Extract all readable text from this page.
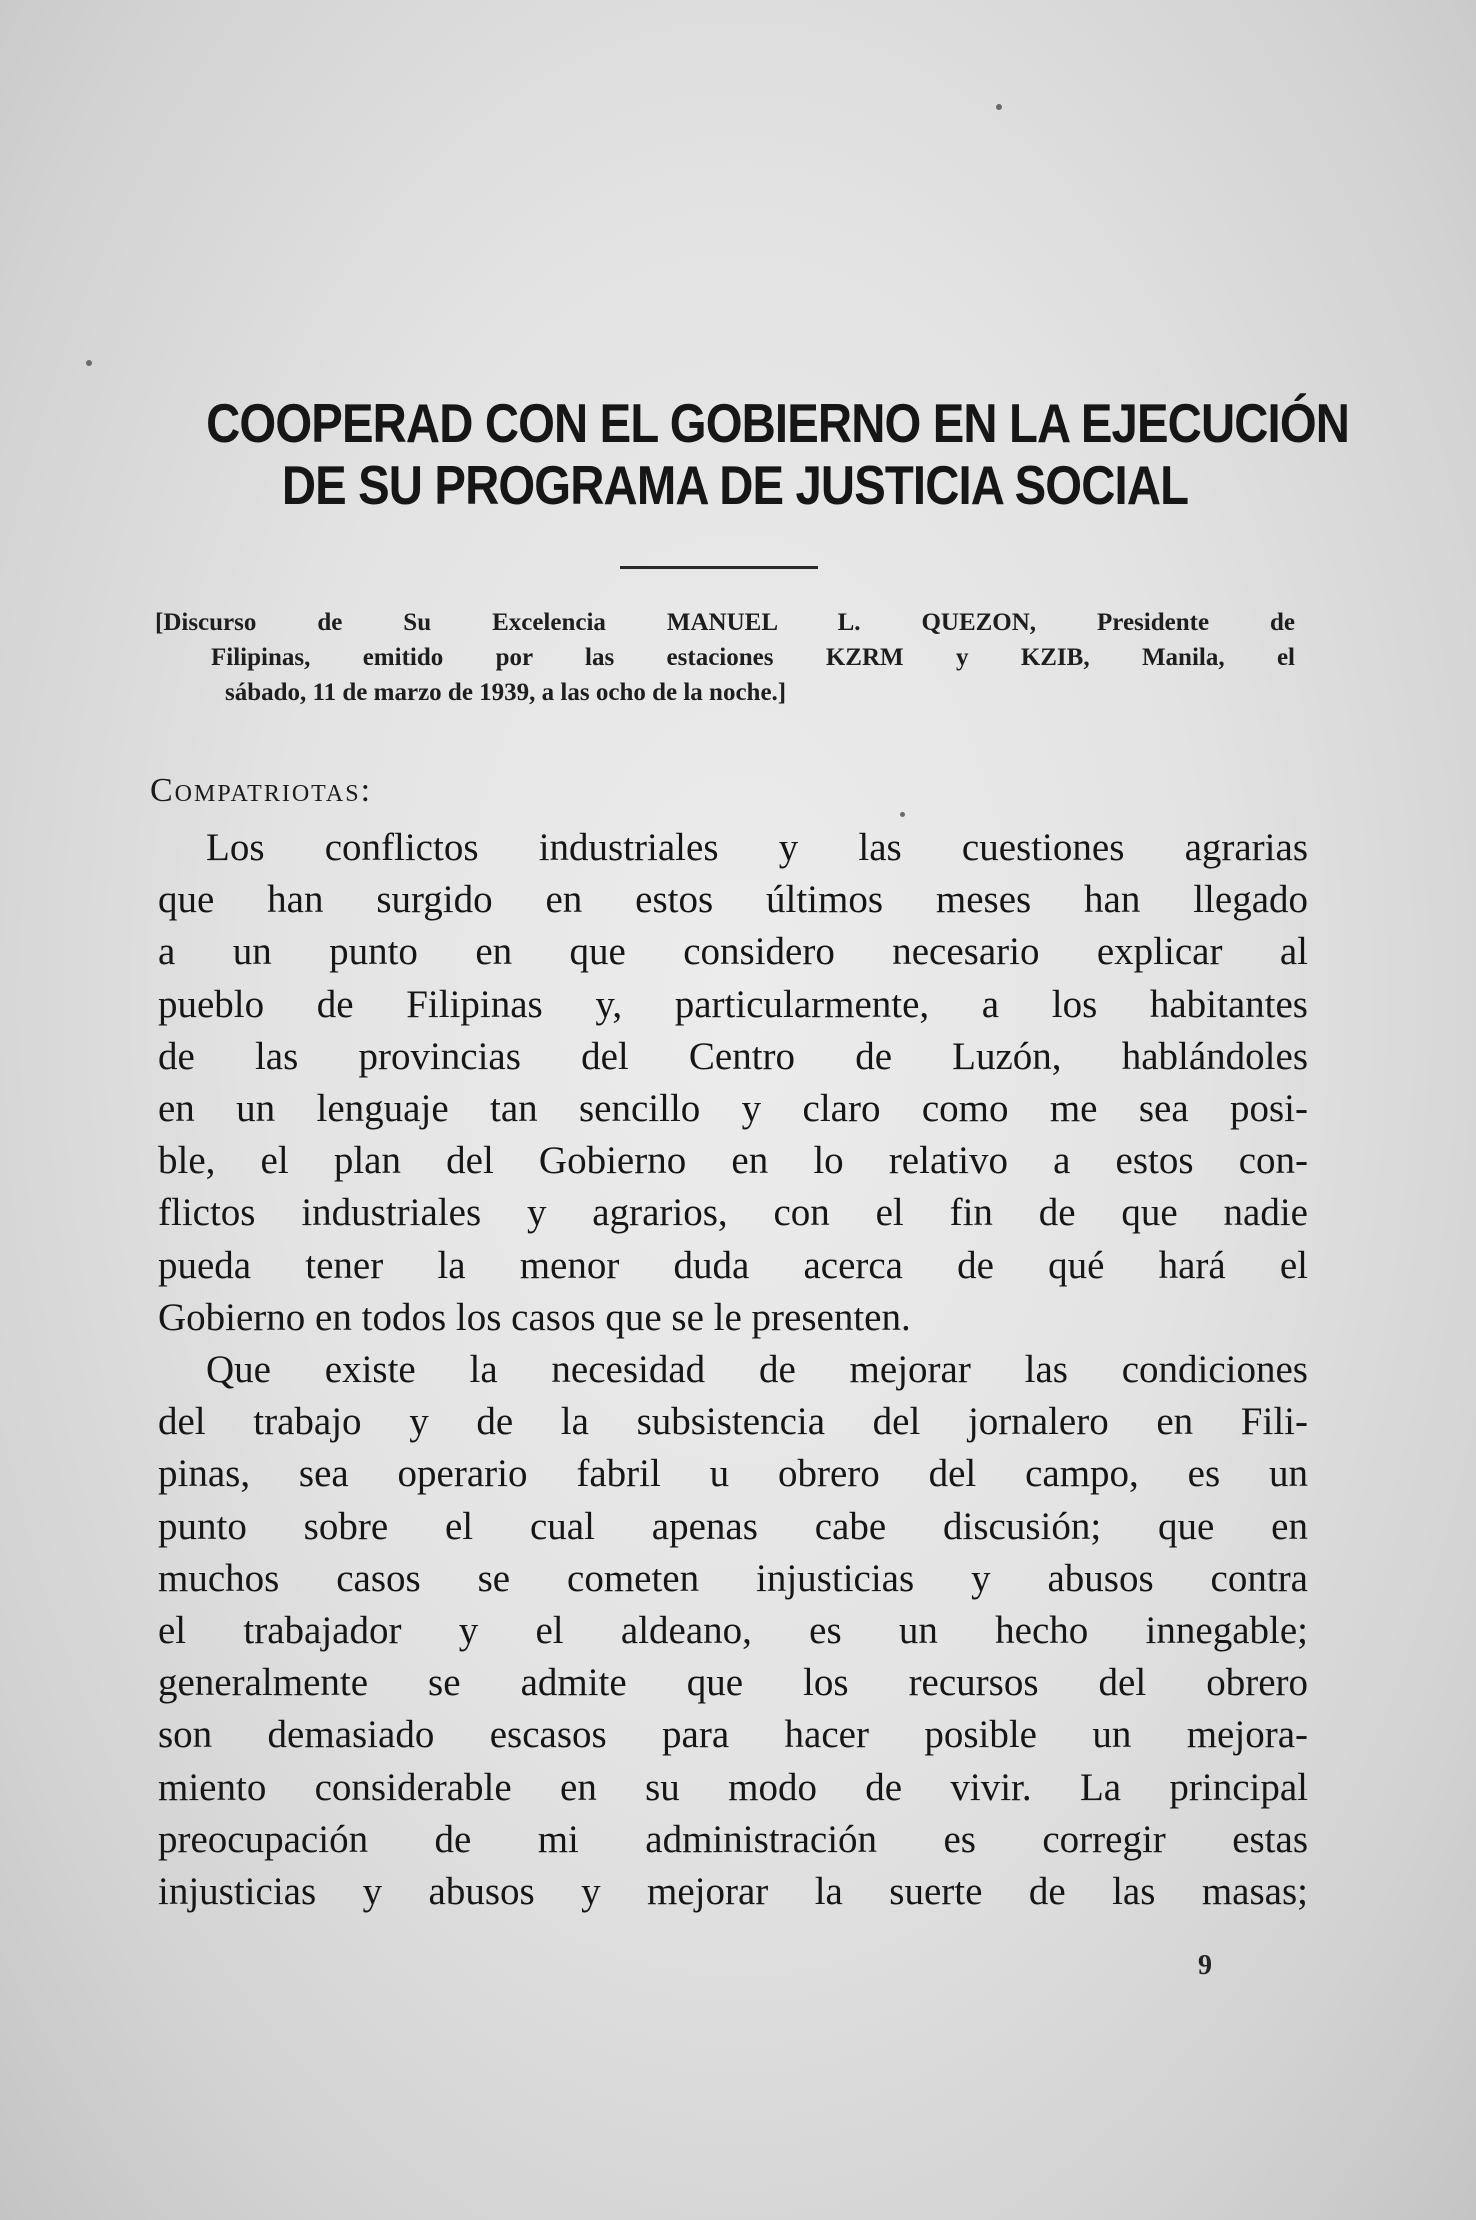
COOPERAD CON EL GOBIERNO EN LA EJECUCIÓN
DE SU PROGRAMA DE JUSTICIA SOCIAL
[Discurso de Su Excelencia MANUEL L. QUEZON, Presidente de
Filipinas, emitido por las estaciones KZRM y KZIB, Manila, el
sábado, 11 de marzo de 1939, a las ocho de la noche.]
Compatriotas:
Los conflictos industriales y las cuestiones agrarias
que han surgido en estos últimos meses han llegado
a un punto en que considero necesario explicar al
pueblo de Filipinas y, particularmente, a los habitantes
de las provincias del Centro de Luzón, hablándoles
en un lenguaje tan sencillo y claro como me sea posi-
ble, el plan del Gobierno en lo relativo a estos con-
flictos industriales y agrarios, con el fin de que nadie
pueda tener la menor duda acerca de qué hará el
Gobierno en todos los casos que se le presenten.
Que existe la necesidad de mejorar las condiciones
del trabajo y de la subsistencia del jornalero en Fili-
pinas, sea operario fabril u obrero del campo, es un
punto sobre el cual apenas cabe discusión; que en
muchos casos se cometen injusticias y abusos contra
el trabajador y el aldeano, es un hecho innegable;
generalmente se admite que los recursos del obrero
son demasiado escasos para hacer posible un mejora-
miento considerable en su modo de vivir. La principal
preocupación de mi administración es corregir estas
injusticias y abusos y mejorar la suerte de las masas;
9
